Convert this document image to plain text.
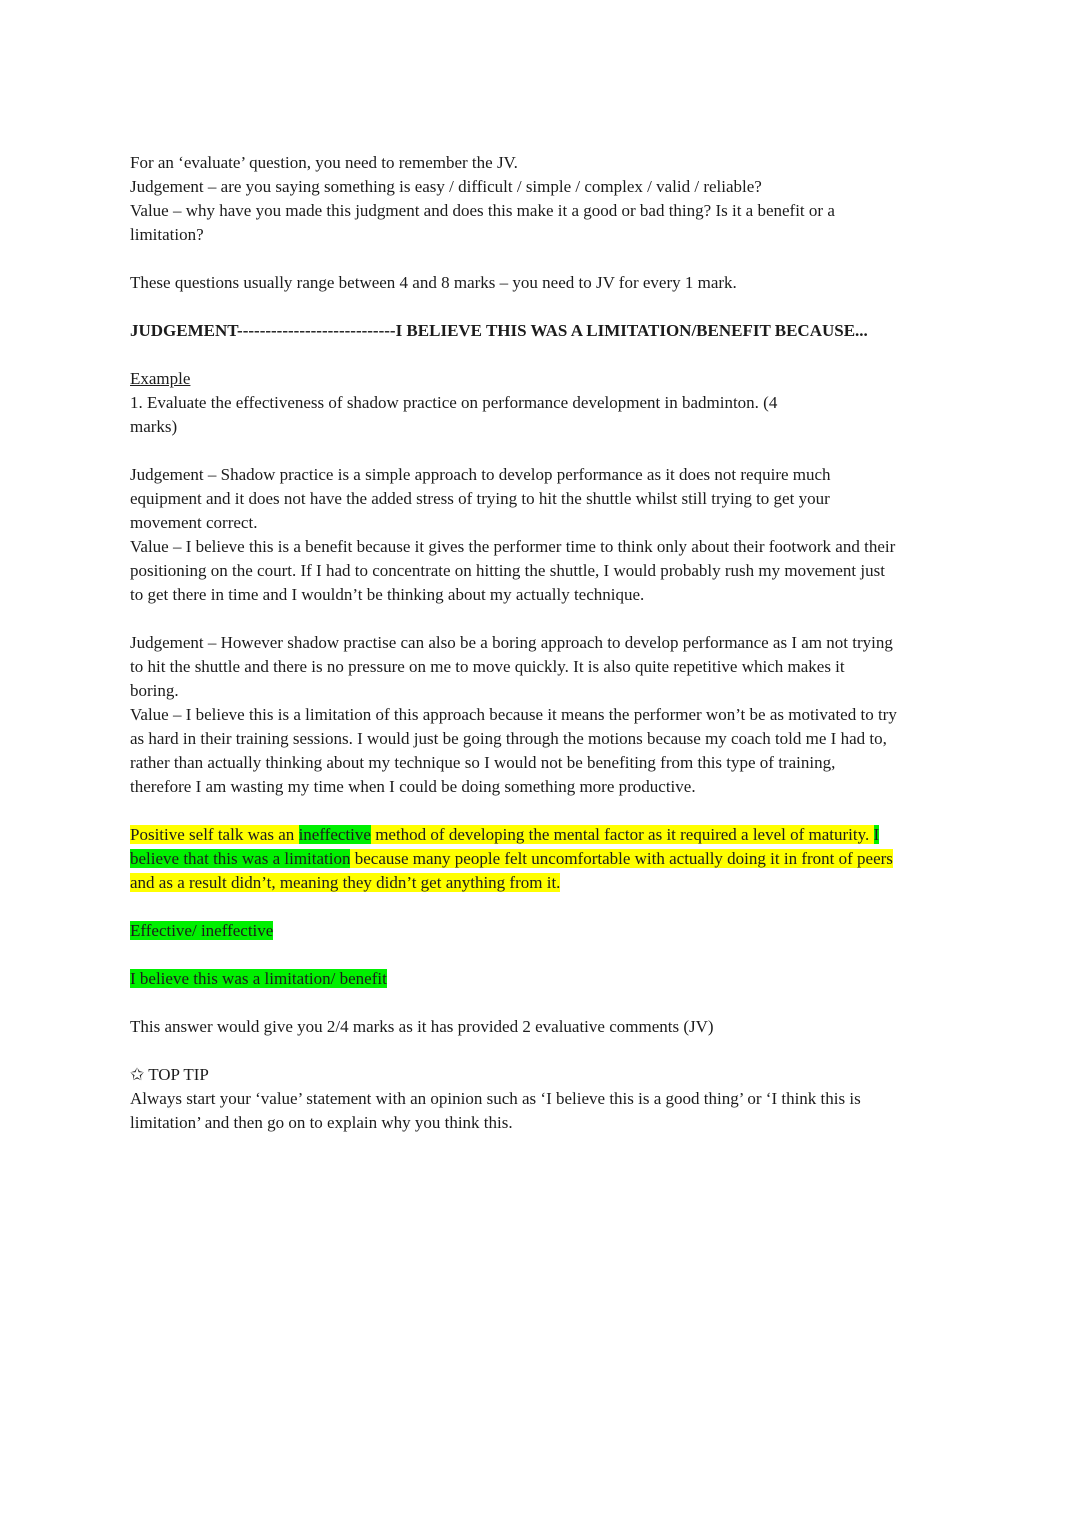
For an ‘evaluate’ question, you need to remember the JV.
Judgement – are you saying something is easy / difficult / simple / complex / valid / reliable?
Value – why have you made this judgment and does this make it a good or bad thing? Is it a benefit or a
limitation?
These questions usually range between 4 and 8 marks – you need to JV for every 1 mark.
JUDGEMENT----------------------------I BELIEVE THIS WAS A LIMITATION/BENEFIT BECAUSE...
Example
1. Evaluate the effectiveness of shadow practice on performance development in badminton. (4
marks)
Judgement – Shadow practice is a simple approach to develop performance as it does not require much
equipment and it does not have the added stress of trying to hit the shuttle whilst still trying to get your
movement correct.
Value – I believe this is a benefit because it gives the performer time to think only about their footwork and their
positioning on the court. If I had to concentrate on hitting the shuttle, I would probably rush my movement just
to get there in time and I wouldn’t be thinking about my actually technique.
Judgement – However shadow practise can also be a boring approach to develop performance as I am not trying
to hit the shuttle and there is no pressure on me to move quickly. It is also quite repetitive which makes it
boring.
Value – I believe this is a limitation of this approach because it means the performer won’t be as motivated to try
as hard in their training sessions. I would just be going through the motions because my coach told me I had to,
rather than actually thinking about my technique so I would not be benefiting from this type of training,
therefore I am wasting my time when I could be doing something more productive.
Positive self talk was an ineffective method of developing the mental factor as it required a level of maturity. I
believe that this was a limitation because many people felt uncomfortable with actually doing it in front of peers
and as a result didn’t, meaning they didn’t get anything from it.
Effective/ ineffective
I believe this was a limitation/ benefit
This answer would give you 2/4 marks as it has provided 2 evaluative comments (JV)
✩ TOP TIP
Always start your ‘value’ statement with an opinion such as ‘I believe this is a good thing’ or ‘I think this is
limitation’ and then go on to explain why you think this.
